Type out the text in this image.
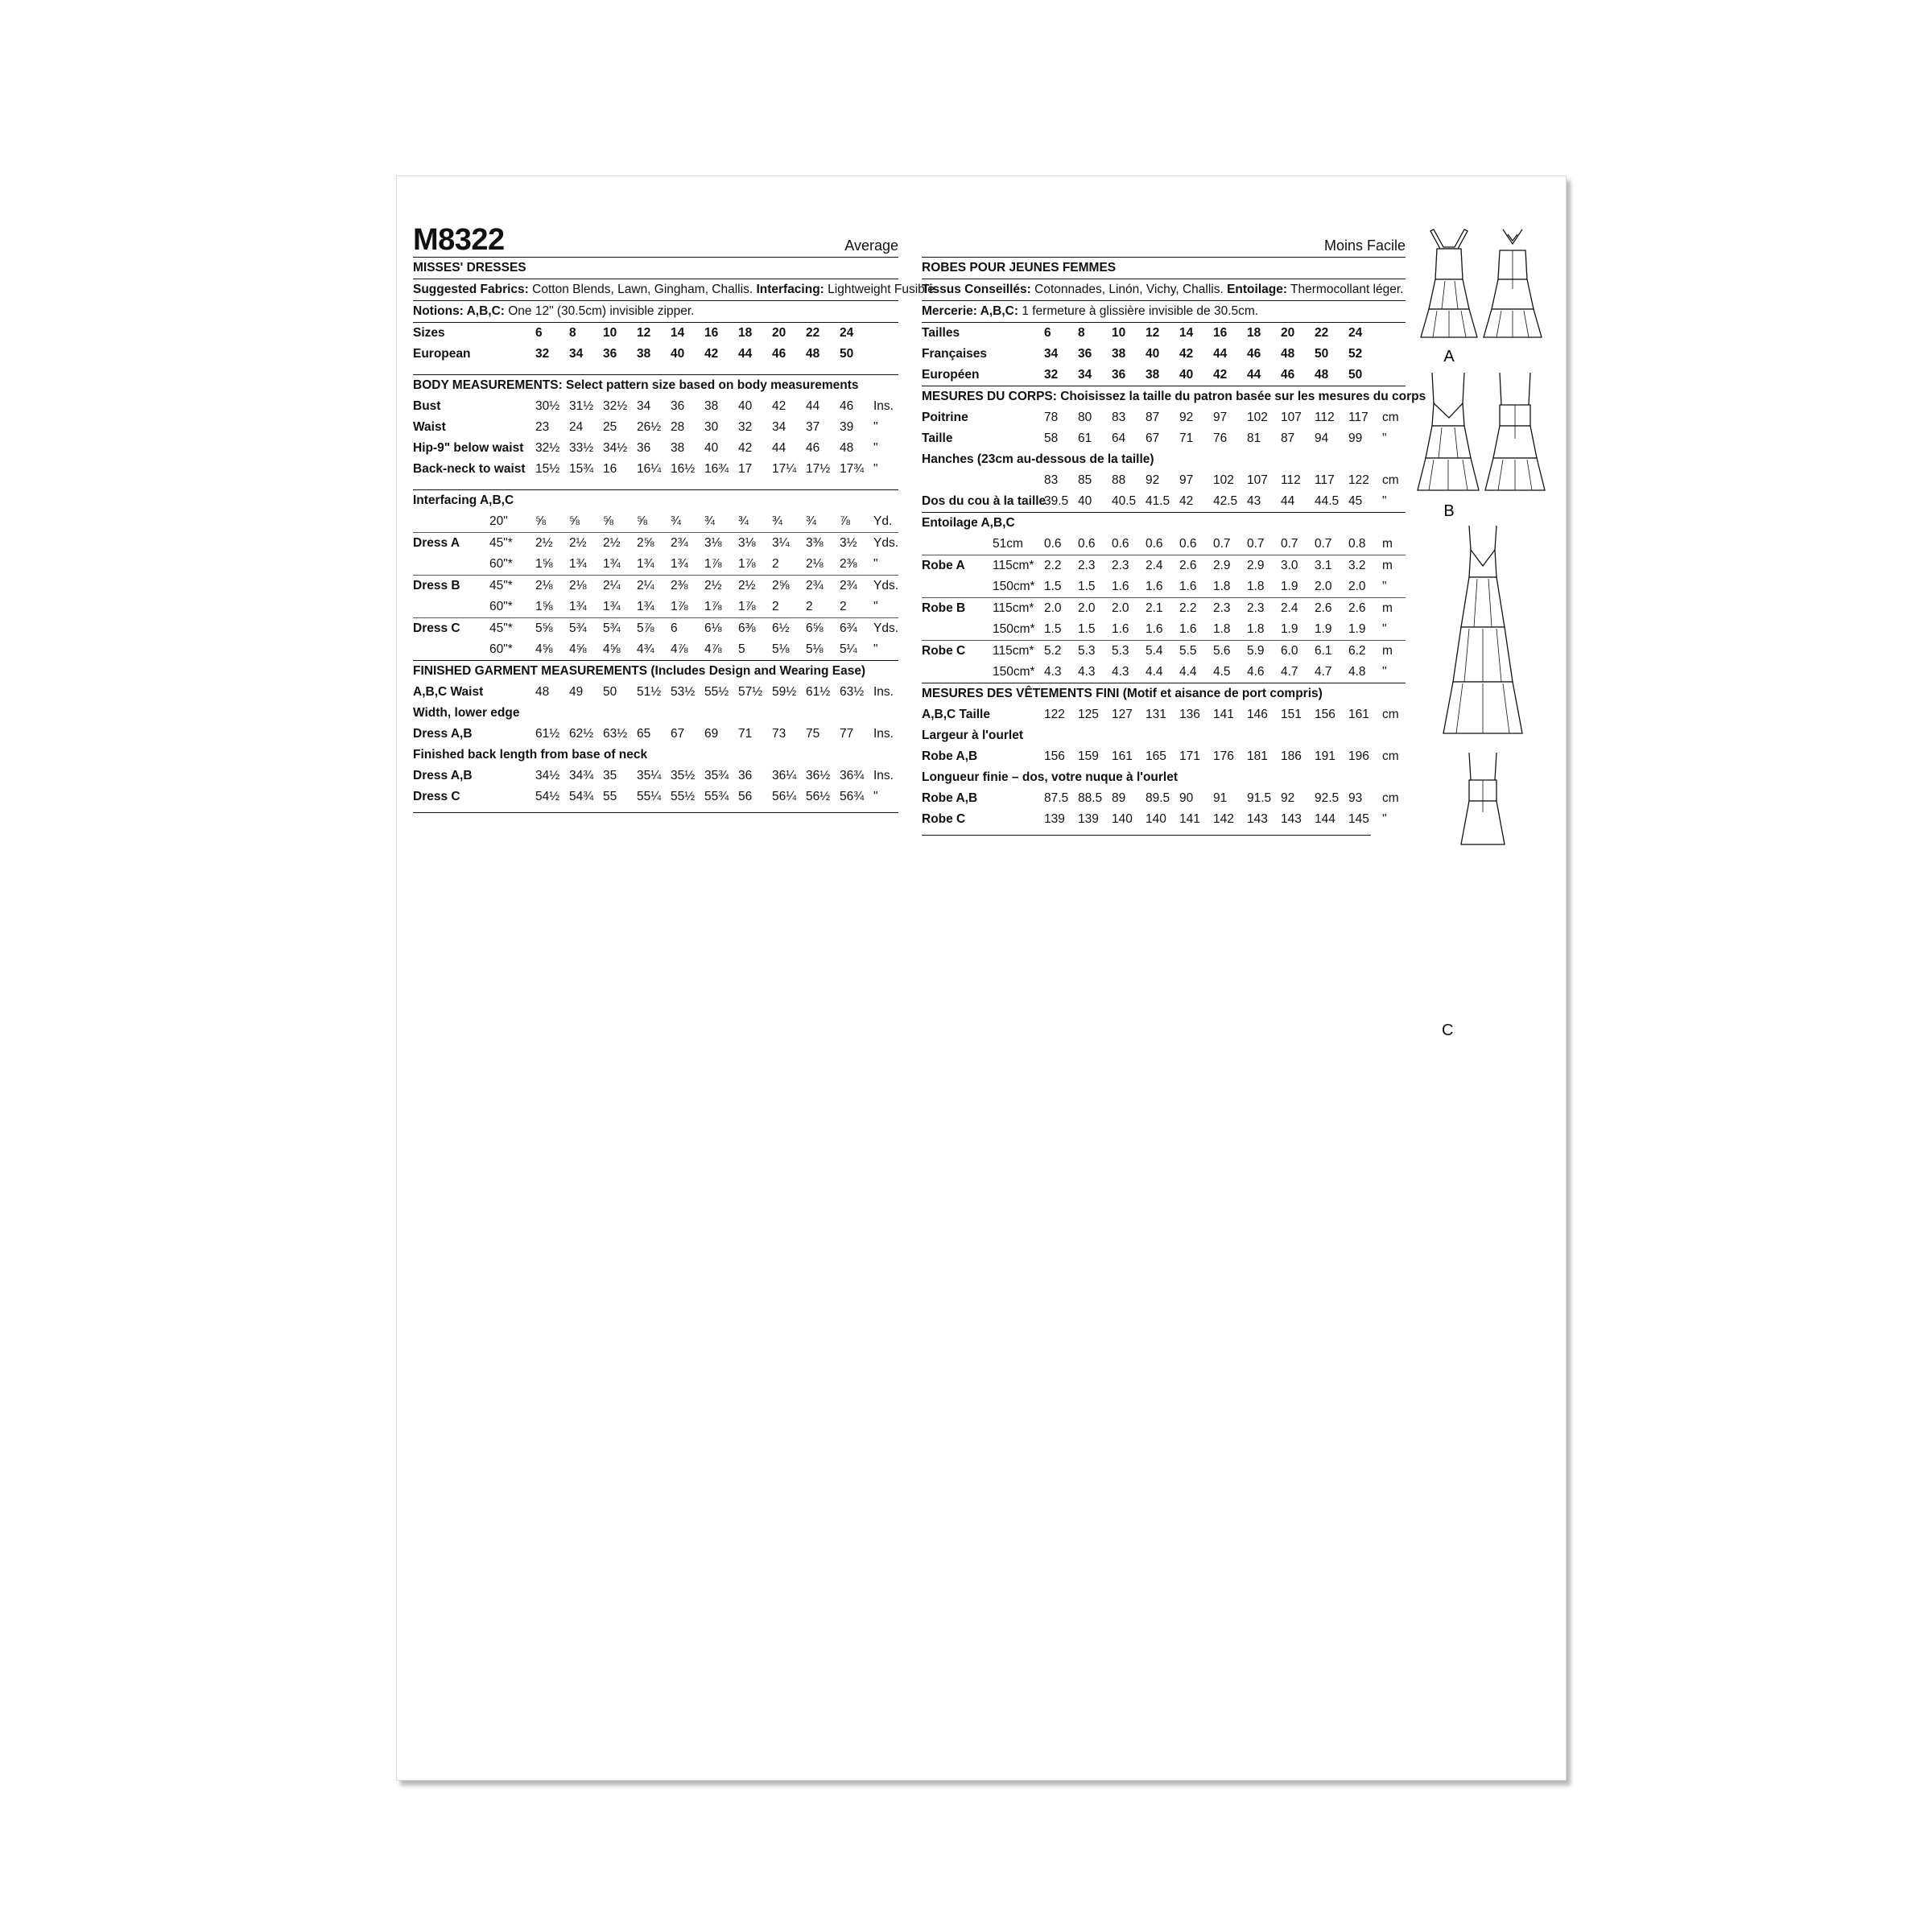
M8322	Average
MISSES' DRESSES
Suggested Fabrics: Cotton Blends, Lawn, Gingham, Challis. Interfacing: Lightweight Fusible.
Notions: A,B,C: One 12" (30.5cm) invisible zipper.
Sizes	6 8 10 12 14 16 18 20 22 24
European	32 34 36 38 40 42 44 46 48 50
BODY MEASUREMENTS: Select pattern size based on body measurements
Bust	30½ 31½ 32½ 34 36 38 40 42 44 46 Ins.
Waist	23 24 25 26½ 28 30 32 34 37 39 "
Hip-9" below waist 32½ 33½ 34½ 36 38 40 42 44 46 48 "
Back-neck to waist 15½ 15¾ 16 16¼ 16½ 16¾ 17 17¼ 17½ 17¾ "
Interfacing A,B,C
20" ⅝ ⅝ ⅝ ⅝ ¾ ¾ ¾ ¾ ¾ ⅞ Yd.
Dress A 45"* 2½ 2½ 2½ 2⅝ 2¾ 3⅛ 3⅛ 3¼ 3⅜ 3½ Yds.
60"* 1⅝ 1¾ 1¾ 1¾ 1¾ 1⅞ 1⅞ 2 2⅛ 2⅜ "
Dress B 45"* 2⅛ 2⅛ 2¼ 2¼ 2⅜ 2½ 2½ 2⅝ 2¾ 2¾ Yds.
60"* 1⅝ 1¾ 1¾ 1¾ 1⅞ 1⅞ 1⅞ 2 2 2 "
Dress C 45"* 5⅝ 5¾ 5¾ 5⅞ 6 6⅛ 6⅜ 6½ 6⅝ 6¾ Yds.
60"* 4⅝ 4⅝ 4⅝ 4¾ 4⅞ 4⅞ 5 5⅛ 5⅛ 5¼ "
FINISHED GARMENT MEASUREMENTS (Includes Design and Wearing Ease)
A,B,C Waist	48 49 50 51½ 53½ 55½ 57½ 59½ 61½ 63½ Ins.
Width, lower edge
Dress A,B	61½ 62½ 63½ 65 67 69 71 73 75 77 Ins.
Finished back length from base of neck
Dress A,B	34½ 34¾ 35 35¼ 35½ 35¾ 36 36¼ 36½ 36¾ Ins.
Dress C	54½ 54¾ 55 55¼ 55½ 55¾ 56 56¼ 56½ 56¾ "
Moins Facile
ROBES POUR JEUNES FEMMES
Tissus Conseillés: Cotonnades, Linón, Vichy, Challis. Entoilage: Thermocollant léger.
Mercerie: A,B,C: 1 fermeture à glissière invisible de 30.5cm.
Tailles	6 8 10 12 14 16 18 20 22 24
Françaises	34 36 38 40 42 44 46 48 50 52
Européen	32 34 36 38 40 42 44 46 48 50
MESURES DU CORPS: Choisissez la taille du patron basée sur les mesures du corps
Poitrine	78 80 83 87 92 97 102 107 112 117 cm
Taille	58 61 64 67 71 76 81 87 94 99 "
Hanches (23cm au-dessous de la taille)
83 85 88 92 97 102 107 112 117 122 cm
Dos du cou à la taille
39.5 40 40.5 41.5 42 42.5 43 44 44.5 45 "
Entoilage A,B,C
51cm 0.6 0.6 0.6 0.6 0.6 0.7 0.7 0.7 0.7 0.8 m
Robe A 115cm* 2.2 2.3 2.3 2.4 2.6 2.9 2.9 3.0 3.1 3.2 m
150cm* 1.5 1.5 1.6 1.6 1.6 1.8 1.8 1.9 2.0 2.0 "
Robe B 115cm* 2.0 2.0 2.0 2.1 2.2 2.3 2.3 2.4 2.6 2.6 m
150cm* 1.5 1.5 1.6 1.6 1.6 1.8 1.8 1.9 1.9 1.9 "
Robe C 115cm* 5.2 5.3 5.3 5.4 5.5 5.6 5.9 6.0 6.1 6.2 m
150cm* 4.3 4.3 4.3 4.4 4.4 4.5 4.6 4.7 4.7 4.8 "
MESURES DES VÊTEMENTS FINI (Motif et aisance de port compris)
A,B,C Taille	122 125 127 131 136 141 146 151 156 161 cm
Largeur à l'ourlet
Robe A,B	156 159 161 165 171 176 181 186 191 196 cm
Longueur finie – dos, votre nuque à l'ourlet
Robe A,B	87.5 88.5 89 89.5 90 91 91.5 92 92.5 93 cm
Robe C	139 139 140 140 141 142 143 143 144 145 "
A
B
C
